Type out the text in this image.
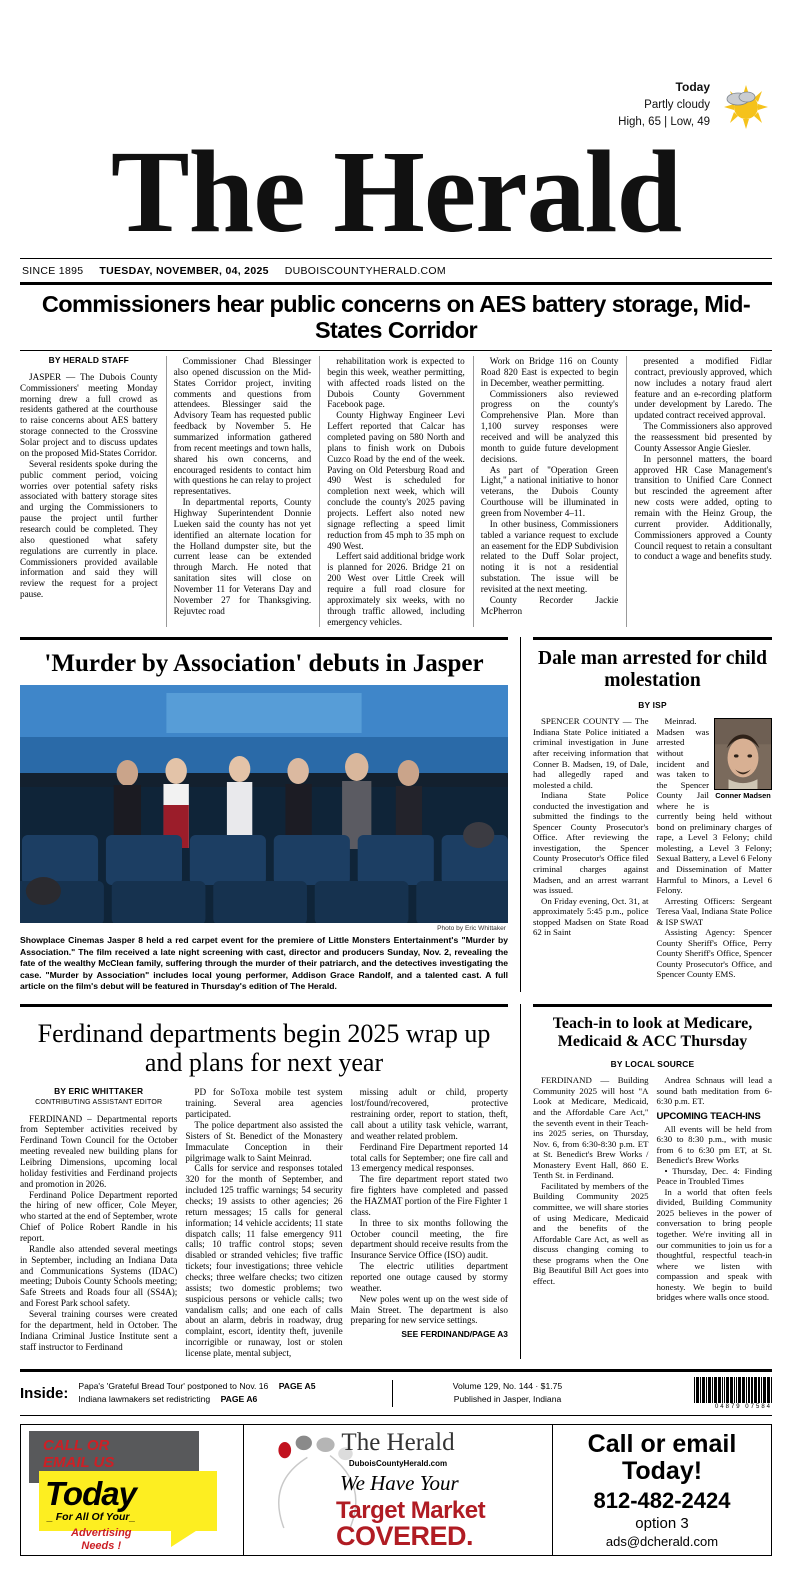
Today
Partly cloudy
High, 65 | Low, 49
The Herald
SINCE 1895 TUESDAY, NOVEMBER, 04, 2025 DUBOISCOUNTYHERALD.COM
Commissioners hear public concerns on AES battery storage, Mid-States Corridor
BY HERALD STAFF

JASPER — The Dubois County Commissioners' meeting Monday morning drew a full crowd as residents gathered at the courthouse to raise concerns about AES battery storage connected to the Crossvine Solar project and to discuss updates on the proposed Mid-States Corridor.

Several residents spoke during the public comment period, voicing worries over potential safety risks associated with battery storage sites and urging the Commissioners to pause the project until further research could be completed. They also questioned what safety regulations are currently in place. Commissioners provided available information and said they will review the request for a project pause.

Commissioner Chad Blessinger also opened discussion on the Mid-States Corridor project, inviting comments and questions from attendees. Blessinger said the Advisory Team has requested public feedback by November 5. He summarized information gathered from recent meetings and town halls, shared his own concerns, and encouraged residents to contact him with questions he can relay to project representatives.

In departmental reports, County Highway Superintendent Donnie Lueken said the county has not yet identified an alternate location for the Holland dumpster site, but the current lease can be extended through March. He noted that sanitation sites will close on November 11 for Veterans Day and November 27 for Thanksgiving. Rejuvtec road

rehabilitation work is expected to begin this week, weather permitting, with affected roads listed on the Dubois County Government Facebook page.

County Highway Engineer Levi Leffert reported that Calcar has completed paving on 580 North and plans to finish work on Dubois Cuzco Road by the end of the week. Paving on Old Petersburg Road and 490 West is scheduled for completion next week, which will conclude the county's 2025 paving projects. Leffert also noted new signage reflecting a speed limit reduction from 45 mph to 35 mph on 490 West.

Leffert said additional bridge work is planned for 2026. Bridge 21 on 200 West over Little Creek will require a full road closure for approximately six weeks, with no through traffic allowed, including emergency vehicles.

Work on Bridge 116 on County Road 820 East is expected to begin in December, weather permitting.

Commissioners also reviewed progress on the county's Comprehensive Plan. More than 1,100 survey responses were received and will be analyzed this month to guide future development decisions.

As part of "Operation Green Light," a national initiative to honor veterans, the Dubois County Courthouse will be illuminated in green from November 4–11.

In other business, Commissioners tabled a variance request to exclude an easement for the EDP Subdivision related to the Duff Solar project, noting it is not a residential substation. The issue will be revisited at the next meeting.

County Recorder Jackie McPherron

presented a modified Fidlar contract, previously approved, which now includes a notary fraud alert feature and an e-recording platform under development by Laredo. The updated contract received approval.

The Commissioners also approved the reassessment bid presented by County Assessor Angie Giesler.

In personnel matters, the board approved HR Case Management's transition to Unified Care Connect but rescinded the agreement after new costs were added, opting to remain with the Heinz Group, the current provider. Additionally, Commissioners approved a County Council request to retain a consultant to conduct a wage and benefits study.

'Murder by Association' debuts in Jasper
Photo by Eric Whittaker
Showplace Cinemas Jasper 8 held a red carpet event for the premiere of Little Monsters Entertainment's "Murder by Association." The film received a late night screening with cast, director and producers Sunday, Nov. 2, revealing the fate of the wealthy McClean family, suffering through the murder of their patriarch, and the detectives investigating the case. "Murder by Association" includes local young performer, Addison Grace Randolf, and a talented cast. A full article on the film's debut will be featured in Thursday's edition of The Herald.
Dale man arrested for child molestation
BY ISP

SPENCER COUNTY — The Indiana State Police initiated a criminal investigation in June after receiving information that Conner B. Madsen, 19, of Dale, had allegedly raped and molested a child.

Indiana State Police conducted the investigation and submitted the findings to the Spencer County Prosecutor's Office. After reviewing the investigation, the Spencer County Prosecutor's Office filed criminal charges against Madsen, and an arrest warrant was issued.

On Friday evening, Oct. 31, at approximately 5:45 p.m., police stopped Madsen on State Road 62 in Saint

Conner Madsen

Meinrad. Madsen was arrested without incident and was taken to the Spencer County Jail where he is currently being held without bond on preliminary charges of rape, a Level 3 Felony; child molesting, a Level 3 Felony; Sexual Battery, a Level 6 Felony and Dissemination of Matter Harmful to Minors, a Level 6 Felony.

Arresting Officers: Sergeant Teresa Vaal, Indiana State Police & ISP SWAT

Assisting Agency: Spencer County Sheriff's Office, Perry County Sheriff's Office, Spencer County Prosecutor's Office, and Spencer County EMS.

Ferdinand departments begin 2025 wrap up and plans for next year
BY ERIC WHITTAKER
CONTRIBUTING ASSISTANT EDITOR

FERDINAND – Departmental reports from September activities received by Ferdinand Town Council for the October meeting revealed new building plans for Leibring Dimensions, upcoming local holiday festivities and Ferdinand projects and promotion in 2026.

Ferdinand Police Department reported the hiring of new officer, Cole Meyer, who started at the end of September, wrote Chief of Police Robert Randle in his report.

Randle also attended several meetings in September, including an Indiana Data and Communications Systems (IDAC) meeting; Dubois County Schools meeting; Safe Streets and Roads four all (SS4A); and Forest Park school safety.

Several training courses were created for the department, held in October. The Indiana Criminal Justice Institute sent a staff instructor to Ferdinand

PD for SoToxa mobile test system training. Several area agencies participated.

The police department also assisted the Sisters of St. Benedict of the Monastery Immaculate Conception in their pilgrimage walk to Saint Meinrad.

Calls for service and responses totaled 320 for the month of September, and included 125 traffic warnings; 54 security checks; 19 assists to other agencies; 26 return messages; 15 calls for general information; 14 vehicle accidents; 11 state dispatch calls; 11 false emergency 911 calls; 10 traffic control stops; seven disabled or stranded vehicles; five traffic tickets; four investigations; three vehicle checks; three welfare checks; two citizen assists; two domestic problems; two suspicious persons or vehicle calls; two vandalism calls; and one each of calls about an alarm, debris in roadway, drug complaint, escort, identity theft, juvenile incorrigible or runaway, lost or stolen license plate, mental subject,

missing adult or child, property lost/found/recovered, protective restraining order, report to station, theft, call about a utility task vehicle, warrant, and weather related problem.

Ferdinand Fire Department reported 14 total calls for September; one fire call and 13 emergency medical responses.

The fire department report stated two fire fighters have completed and passed the HAZMAT portion of the Fire Fighter 1 class.

In three to six months following the October council meeting, the fire department should receive results from the Insurance Service Office (ISO) audit.

The electric utilities department reported one outage caused by stormy weather.

New poles went up on the west side of Main Street. The department is also preparing for new service settings.

SEE FERDINAND/PAGE A3
Teach-in to look at Medicare, Medicaid & ACC Thursday
BY LOCAL SOURCE

FERDINAND — Building Community 2025 will host "A Look at Medicare, Medicaid, and the Affordable Care Act," the seventh event in their Teach-ins 2025 series, on Thursday, Nov. 6, from 6:30-8:30 p.m. ET at St. Benedict's Brew Works / Monastery Event Hall, 860 E. Tenth St. in Ferdinand.

Facilitated by members of the Building Community 2025 committee, we will share stories of using Medicare, Medicaid and the benefits of the Affordable Care Act, as well as discuss changing coming to these programs when the One Big Beautiful Bill Act goes into effect.

Andrea Schnaus will lead a sound bath meditation from 6-6:30 p.m. ET.

UPCOMING TEACH-INS

All events will be held from 6:30 to 8:30 p.m., with music from 6 to 6:30 pm ET, at St. Benedict's Brew Works

• Thursday, Dec. 4: Finding Peace in Troubled Times

In a world that often feels divided, Building Community 2025 believes in the power of conversation to bring people together. We're inviting all in our communities to join us for a thoughtful, respectful teach-in where we listen with compassion and speak with honesty. We begin to build bridges where walls once stood.

Inside:	Papa's 'Grateful Bread Tour' postponed to Nov. 16 PAGE A5
Indiana lawmakers set redistricting PAGE A6
Volume 129, No. 144 · $1.75
Published in Jasper, Indiana
04879 07584
CALL OR
EMAIL US
Today
_ For All Of Your_
Advertising
Needs !
The Herald
DuboisCountyHerald.com
We Have Your
Target Market
COVERED.
Call or email
Today!
812-482-2424
option 3
ads@dcherald.com
